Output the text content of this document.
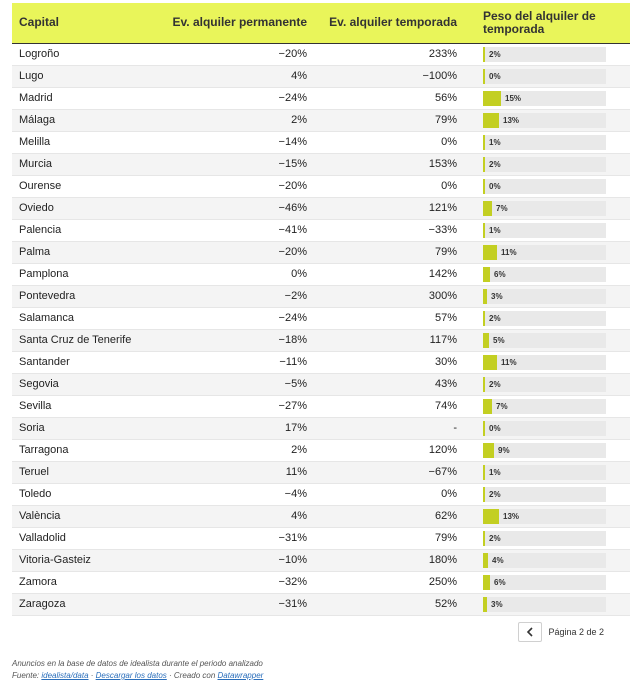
Capital	Ev. alquiler permanente	Ev. alquiler temporada	Peso del alquiler de temporada
Logroño	−20%	233%	2%

Lugo	4%	−100%	0%

Madrid	−24%	56%	15%

Málaga	2%	79%	13%

Melilla	−14%	0%	1%

Murcia	−15%	153%	2%

Ourense	−20%	0%	0%

Oviedo	−46%	121%	7%

Palencia	−41%	−33%	1%

Palma	−20%	79%	11%

Pamplona	0%	142%	6%

Pontevedra	−2%	300%	3%

Salamanca	−24%	57%	2%

Santa Cruz de Tenerife	−18%	117%	5%

Santander	−11%	30%	11%

Segovia	−5%	43%	2%

Sevilla	−27%	74%	7%

Soria	17%	-	0%

Tarragona	2%	120%	9%

Teruel	11%	−67%	1%

Toledo	−4%	0%	2%

València	4%	62%	13%

Valladolid	−31%	79%	2%

Vitoria-Gasteiz	−10%	180%	4%

Zamora	−32%	250%	6%

Zaragoza	−31%	52%	3%
Página 2 de 2
Anuncios en la base de datos de idealista durante el periodo analizado
Fuente: idealista/data · Descargar los datos · Creado con Datawrapper
